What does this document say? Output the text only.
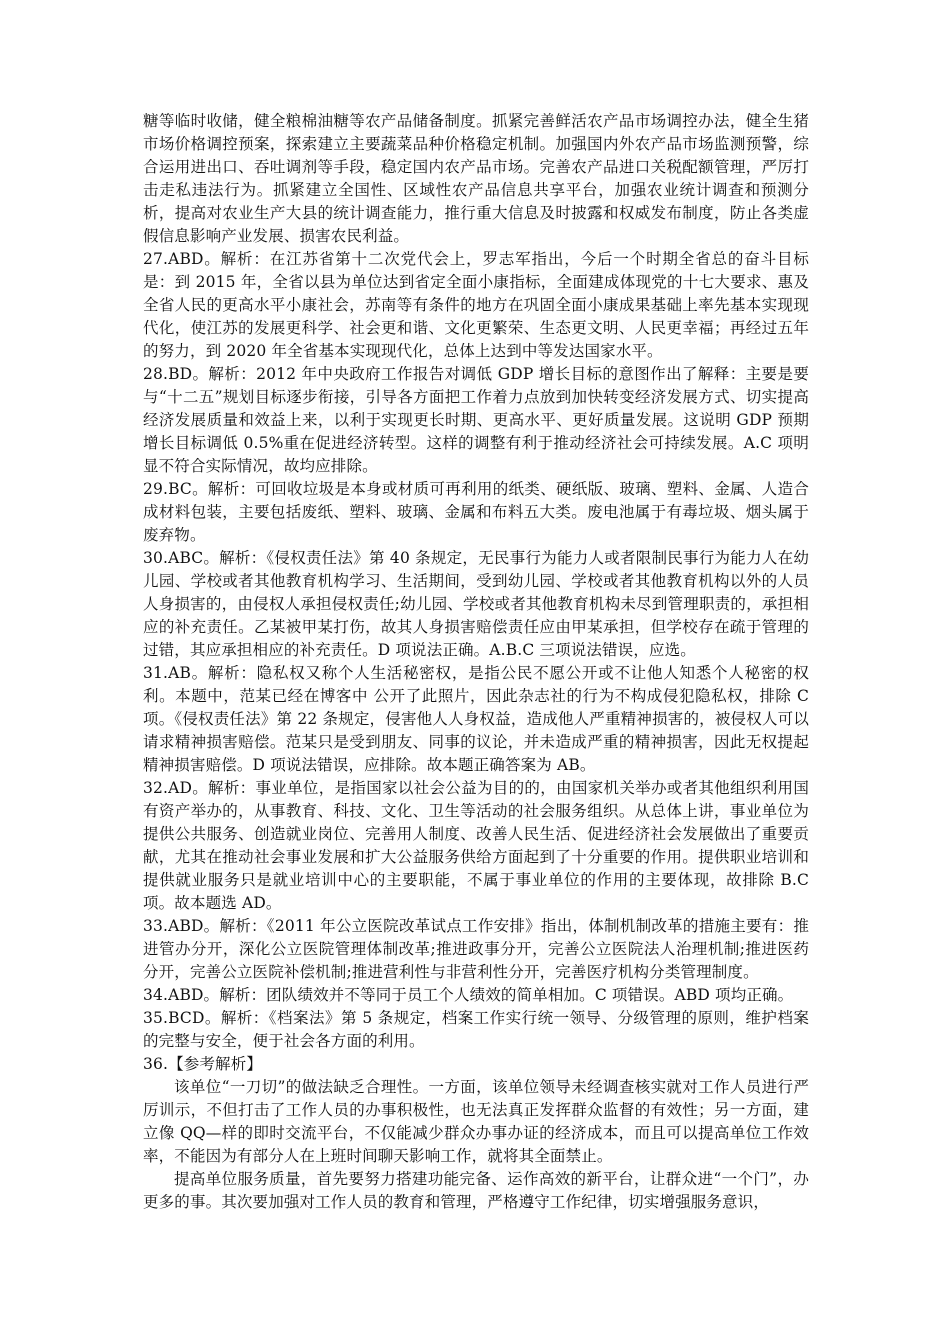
糖等临时收储，健全粮棉油糖等农产品储备制度。抓紧完善鲜活农产品市场调控办法，健全生猪市场价格调控预案，探索建立主要蔬菜品种价格稳定机制。加强国内外农产品市场监测预警，综合运用进出口、吞吐调剂等手段，稳定国内农产品市场。完善农产品进口关税配额管理，严厉打击走私违法行为。抓紧建立全国性、区域性农产品信息共享平台，加强农业统计调查和预测分析，提高对农业生产大县的统计调查能力，推行重大信息及时披露和权威发布制度，防止各类虚假信息影响产业发展、损害农民利益。

27.ABD。解析：在江苏省第十二次党代会上，罗志军指出，今后一个时期全省总的奋斗目标是：到 2015 年，全省以县为单位达到省定全面小康指标，全面建成体现党的十七大要求、惠及全省人民的更高水平小康社会，苏南等有条件的地方在巩固全面小康成果基础上率先基本实现现代化，使江苏的发展更科学、社会更和谐、文化更繁荣、生态更文明、人民更幸福；再经过五年的努力，到 2020 年全省基本实现现代化，总体上达到中等发达国家水平。

28.BD。解析：2012 年中央政府工作报告对调低 GDP 增长目标的意图作出了解释：主要是要与“十二五”规划目标逐步衔接，引导各方面把工作着力点放到加快转变经济发展方式、切实提高经济发展质量和效益上来，以利于实现更长时期、更高水平、更好质量发展。这说明 GDP 预期增长目标调低 0.5%重在促进经济转型。这样的调整有利于推动经济社会可持续发展。A.C 项明显不符合实际情况，故均应排除。

29.BC。解析：可回收垃圾是本身或材质可再利用的纸类、硬纸版、玻璃、塑料、金属、人造合成材料包装，主要包括废纸、塑料、玻璃、金属和布料五大类。废电池属于有毒垃圾、烟头属于废弃物。

30.ABC。解析：《侵权责任法》第 40 条规定，无民事行为能力人或者限制民事行为能力人在幼儿园、学校或者其他教育机构学习、生活期间，受到幼儿园、学校或者其他教育机构以外的人员人身损害的，由侵权人承担侵权责任;幼儿园、学校或者其他教育机构未尽到管理职责的，承担相应的补充责任。乙某被甲某打伤，故其人身损害赔偿责任应由甲某承担，但学校存在疏于管理的过错，其应承担相应的补充责任。D 项说法正确。A.B.C 三项说法错误，应选。

31.AB。解析：隐私权又称个人生活秘密权，是指公民不愿公开或不让他人知悉个人秘密的权利。本题中，范某已经在博客中 公开了此照片，因此杂志社的行为不构成侵犯隐私权，排除 C 项。《侵权责任法》第 22 条规定，侵害他人人身权益，造成他人严重精神损害的，被侵权人可以请求精神损害赔偿。范某只是受到朋友、同事的议论，并未造成严重的精神损害，因此无权提起精神损害赔偿。D 项说法错误，应排除。故本题正确答案为 AB。

32.AD。解析：事业单位，是指国家以社会公益为目的的，由国家机关举办或者其他组织利用国有资产举办的，从事教育、科技、文化、卫生等活动的社会服务组织。从总体上讲，事业单位为提供公共服务、创造就业岗位、完善用人制度、改善人民生活、促进经济社会发展做出了重要贡献，尤其在推动社会事业发展和扩大公益服务供给方面起到了十分重要的作用。提供职业培训和提供就业服务只是就业培训中心的主要职能，不属于事业单位的作用的主要体现，故排除 B.C 项。故本题选 AD。

33.ABD。解析：《2011 年公立医院改革试点工作安排》指出，体制机制改革的措施主要有：推进管办分开，深化公立医院管理体制改革;推进政事分开，完善公立医院法人治理机制;推进医药分开，完善公立医院补偿机制;推进营利性与非营利性分开，完善医疗机构分类管理制度。

34.ABD。解析：团队绩效并不等同于员工个人绩效的简单相加。C 项错误。ABD 项均正确。

35.BCD。解析：《档案法》第 5 条规定，档案工作实行统一领导、分级管理的原则，维护档案的完整与安全，便于社会各方面的利用。

36.【参考解析】

该单位“一刀切”的做法缺乏合理性。一方面，该单位领导未经调查核实就对工作人员进行严厉训示，不但打击了工作人员的办事积极性，也无法真正发挥群众监督的有效性；另一方面，建立像 QQ—样的即时交流平台，不仅能减少群众办事办证的经济成本，而且可以提高单位工作效率，不能因为有部分人在上班时间聊天影响工作，就将其全面禁止。

提高单位服务质量，首先要努力搭建功能完备、运作高效的新平台，让群众进“一个门”，办更多的事。其次要加强对工作人员的教育和管理，严格遵守工作纪律，切实增强服务意识，
